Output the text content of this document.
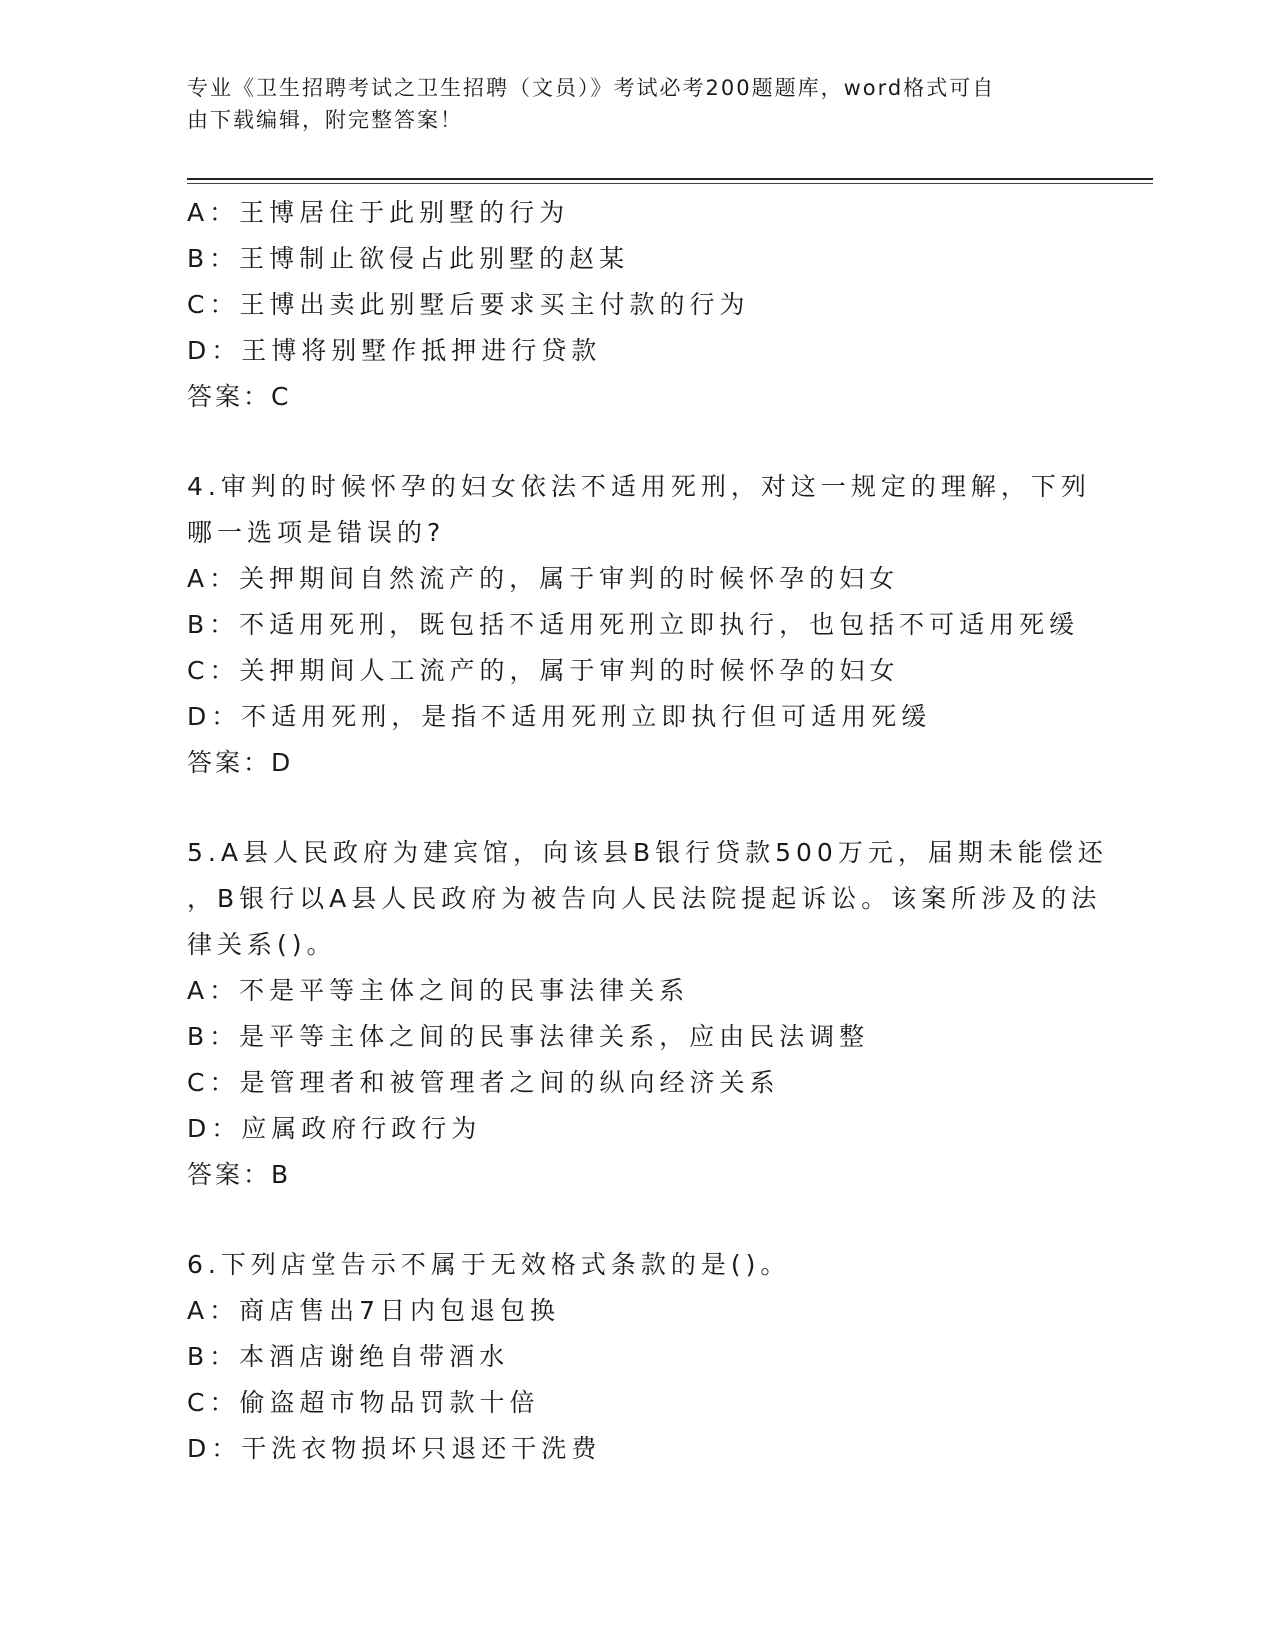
专业《卫生招聘考试之卫生招聘（文员）》考试必考200题题库，word格式可自
由下载编辑，附完整答案！
A：王博居住于此别墅的行为
B：王博制止欲侵占此别墅的赵某
C：王博出卖此别墅后要求买主付款的行为
D：王博将别墅作抵押进行贷款
答案：C
4.审判的时候怀孕的妇女依法不适用死刑，对这一规定的理解，下列
哪一选项是错误的?
A：关押期间自然流产的，属于审判的时候怀孕的妇女
B：不适用死刑，既包括不适用死刑立即执行，也包括不可适用死缓
C：关押期间人工流产的，属于审判的时候怀孕的妇女
D：不适用死刑，是指不适用死刑立即执行但可适用死缓
答案：D
5.A县人民政府为建宾馆，向该县B银行贷款500万元，届期未能偿还
，B银行以A县人民政府为被告向人民法院提起诉讼。该案所涉及的法
律关系()。
A：不是平等主体之间的民事法律关系
B：是平等主体之间的民事法律关系，应由民法调整
C：是管理者和被管理者之间的纵向经济关系
D：应属政府行政行为
答案：B
6.下列店堂告示不属于无效格式条款的是()。
A：商店售出7日内包退包换
B：本酒店谢绝自带酒水
C：偷盗超市物品罚款十倍
D：干洗衣物损坏只退还干洗费
